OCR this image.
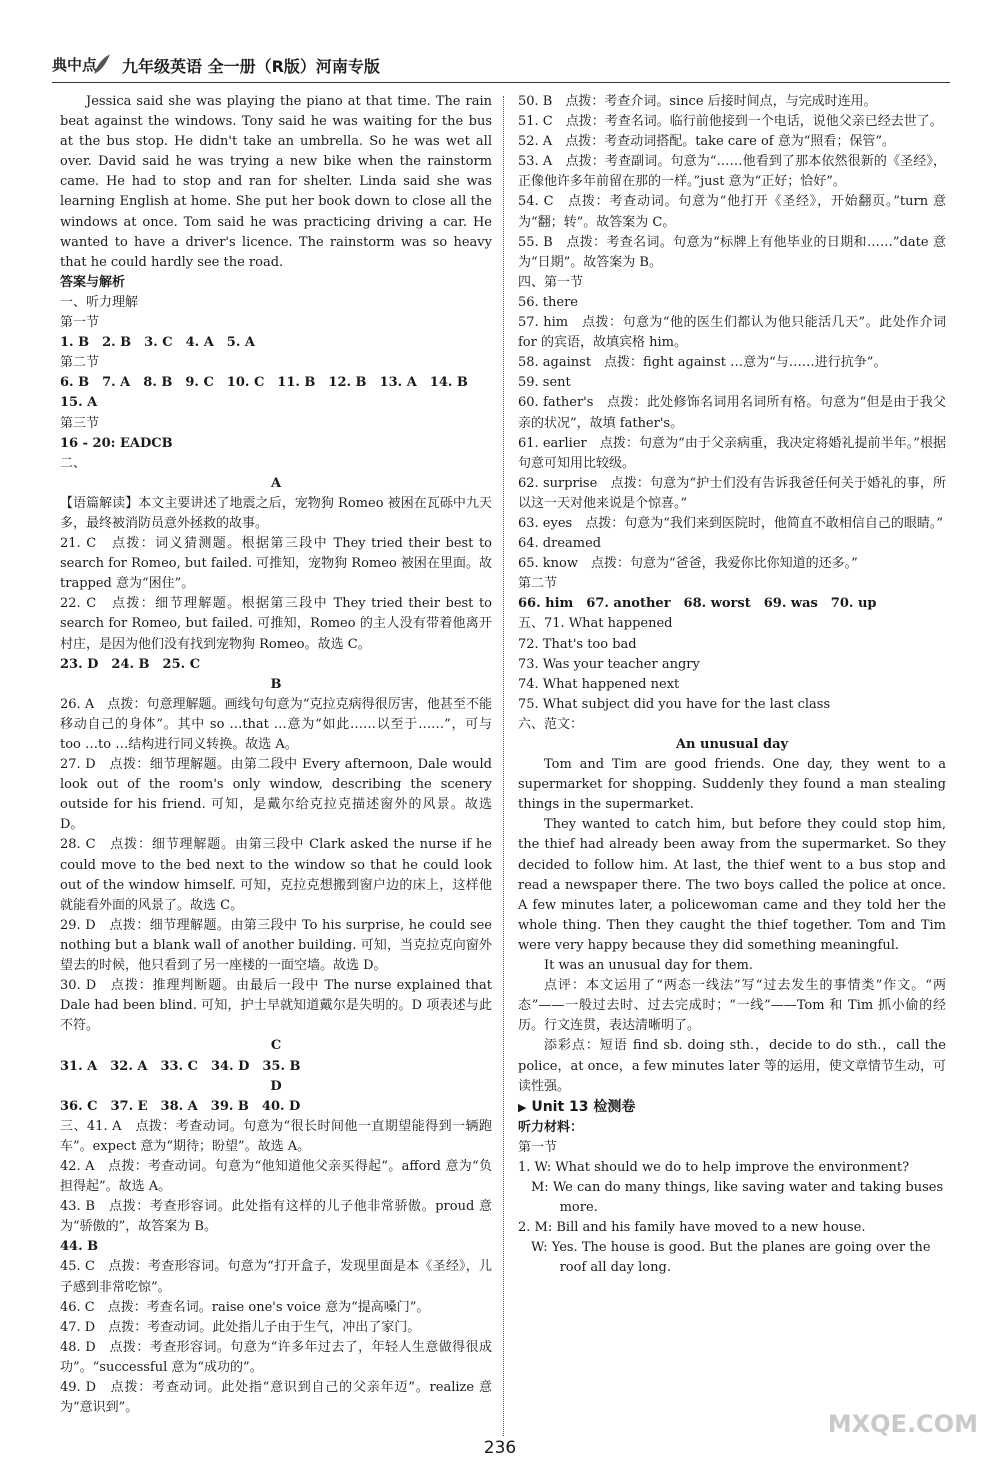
典中点 九年级英语 全一册（R版）河南专版
Jessica said she was playing the piano at that time. The rain beat against the windows. Tony said he was waiting for the bus at the bus stop. He didn't take an umbrella. So he was wet all over. David said he was trying a new bike when the rainstorm came. He had to stop and ran for shelter. Linda said she was learning English at home. She put her book down to close all the windows at once. Tom said he was practicing driving a car. He wanted to have a driver's licence. The rainstorm was so heavy that he could hardly see the road.
答案与解析
一、听力理解
第一节
1. B　2. B　3. C　4. A　5. A
第二节
6. B　7. A　8. B　9. C　10. C　11. B　12. B　13. A　14. B
15. A
第三节
16 - 20: EADCB
二、
A
【语篇解读】本文主要讲述了地震之后，宠物狗 Romeo 被困在瓦砾中九天多，最终被消防员意外拯救的故事。
21. C　点拨：词义猜测题。根据第三段中 They tried their best to search for Romeo, but failed. 可推知，宠物狗 Romeo 被困在里面。故 trapped 意为“困住”。
22. C　点拨：细节理解题。根据第三段中 They tried their best to search for Romeo, but failed. 可推知，Romeo 的主人没有带着他离开村庄，是因为他们没有找到宠物狗 Romeo。故选 C。
23. D　24. B　25. C
B
26. A　点拨：句意理解题。画线句句意为“克拉克病得很厉害，他甚至不能移动自己的身体”。其中 so …that …意为“如此……以至于……”，可与 too …to …结构进行同义转换。故选 A。
27. D　点拨：细节理解题。由第二段中 Every afternoon, Dale would look out of the room's only window, describing the scenery outside for his friend. 可知，是戴尔给克拉克描述窗外的风景。故选 D。
28. C　点拨：细节理解题。由第三段中 Clark asked the nurse if he could move to the bed next to the window so that he could look out of the window himself. 可知，克拉克想搬到窗户边的床上，这样他就能看外面的风景了。故选 C。
29. D　点拨：细节理解题。由第三段中 To his surprise, he could see nothing but a blank wall of another building. 可知，当克拉克向窗外望去的时候，他只看到了另一座楼的一面空墙。故选 D。
30. D　点拨：推理判断题。由最后一段中 The nurse explained that Dale had been blind. 可知，护士早就知道戴尔是失明的。D 项表述与此不符。
C
31. A　32. A　33. C　34. D　35. B
D
36. C　37. E　38. A　39. B　40. D
三、41. A　点拨：考查动词。句意为“很长时间他一直期望能得到一辆跑车”。expect 意为“期待；盼望”。故选 A。
42. A　点拨：考查动词。句意为“他知道他父亲买得起”。afford 意为“负担得起”。故选 A。
43. B　点拨：考查形容词。此处指有这样的儿子他非常骄傲。proud 意为“骄傲的”，故答案为 B。
44. B
45. C　点拨：考查形容词。句意为“打开盒子，发现里面是本《圣经》，儿子感到非常吃惊”。
46. C　点拨：考查名词。raise one's voice 意为“提高嗓门”。
47. D　点拨：考查动词。此处指儿子由于生气，冲出了家门。
48. D　点拨：考查形容词。句意为“许多年过去了，年轻人生意做得很成功”。“successful 意为“成功的”。
49. D　点拨：考查动词。此处指“意识到自己的父亲年迈”。realize 意为“意识到”。
50. B　点拨：考查介词。since 后接时间点，与完成时连用。
51. C　点拨：考查名词。临行前他接到一个电话，说他父亲已经去世了。
52. A　点拨：考查动词搭配。take care of 意为“照看；保管”。
53. A　点拨：考查副词。句意为“……他看到了那本依然很新的《圣经》，正像他许多年前留在那的一样。”just 意为“正好；恰好”。
54. C　点拨：考查动词。句意为“他打开《圣经》，开始翻页。”turn 意为“翻；转”。故答案为 C。
55. B　点拨：考查名词。句意为“标牌上有他毕业的日期和……”date 意为“日期”。故答案为 B。
四、第一节
56. there
57. him　点拨：句意为“他的医生们都认为他只能活几天”。此处作介词 for 的宾语，故填宾格 him。
58. against　点拨：fight against …意为“与……进行抗争”。
59. sent
60. father's　点拨：此处修饰名词用名词所有格。句意为“但是由于我父亲的状况”，故填 father's。
61. earlier　点拨：句意为“由于父亲病重，我决定将婚礼提前半年。”根据句意可知用比较级。
62. surprise　点拨：句意为“护士们没有告诉我爸任何关于婚礼的事，所以这一天对他来说是个惊喜。”
63. eyes　点拨：句意为“我们来到医院时，他简直不敢相信自己的眼睛。”
64. dreamed
65. know　点拨：句意为“爸爸，我爱你比你知道的还多。”
第二节
66. him　67. another　68. worst　69. was　70. up
五、71. What happened
72. That's too bad
73. Was your teacher angry
74. What happened next
75. What subject did you have for the last class
六、范文：
An unusual day
Tom and Tim are good friends. One day, they went to a supermarket for shopping. Suddenly they found a man stealing things in the supermarket.
They wanted to catch him, but before they could stop him, the thief had already been away from the supermarket. So they decided to follow him. At last, the thief went to a bus stop and read a newspaper there. The two boys called the police at once. A few minutes later, a policewoman came and they told her the whole thing. Then they caught the thief together. Tom and Tim were very happy because they did something meaningful.
It was an unusual day for them.
点评：本文运用了“两态一线法”写“过去发生的事情类”作文。“两态”——一般过去时、过去完成时；“一线”——Tom 和 Tim 抓小偷的经历。行文连贯，表达清晰明了。
添彩点：短语 find sb. doing sth.，decide to do sth.，call the police，at once，a few minutes later 等的运用，使文章情节生动，可读性强。
▶ Unit 13 检测卷
听力材料：
第一节
1. W: What should we do to help improve the environment?
M: We can do many things, like saving water and taking buses more.
2. M: Bill and his family have moved to a new house.
W: Yes. The house is good. But the planes are going over the roof all day long.
236
MXQE.COM
